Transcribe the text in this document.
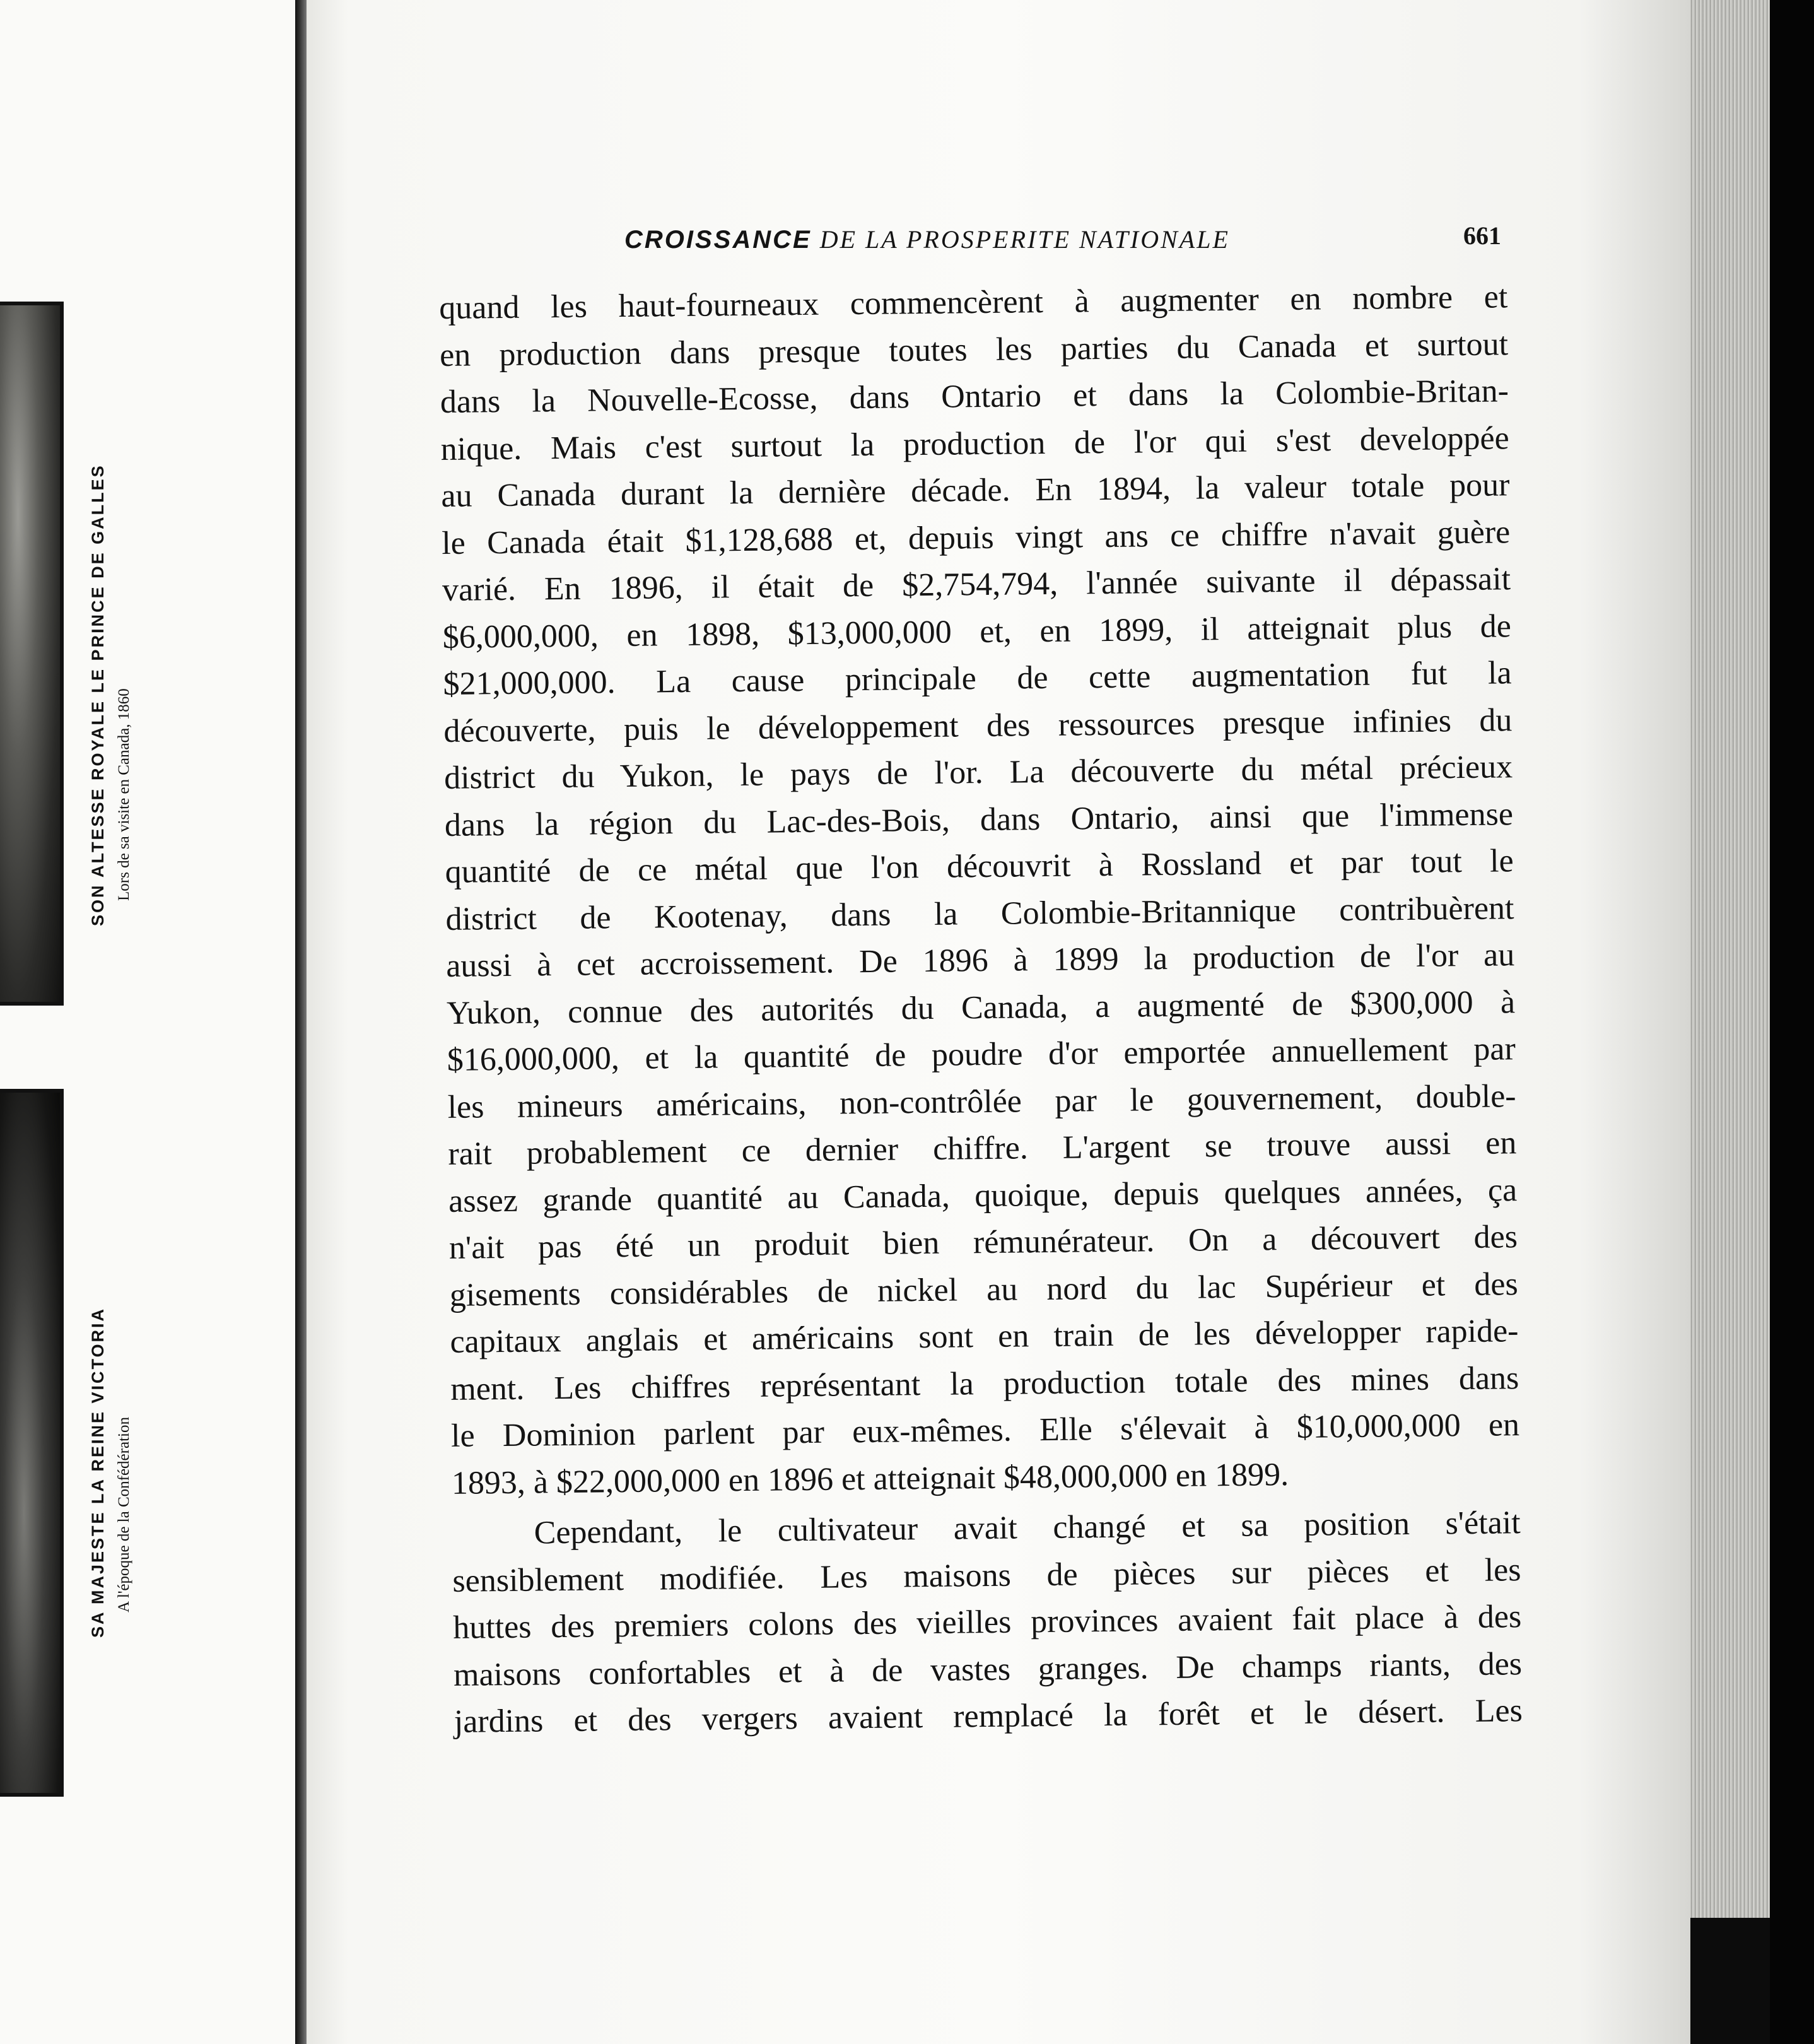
SON ALTESSE ROYALE LE PRINCE DE GALLES Lors de sa visite en Canada, 1860
SA MAJESTE LA REINE VICTORIA A l'époque de la Confédération
CROISSANCE DE LA PROSPERITE NATIONALE	661
quand les haut-fourneaux commencèrent à augmenter en nombre et
en production dans presque toutes les parties du Canada et surtout
dans la Nouvelle-Ecosse, dans Ontario et dans la Colombie-Britan-
nique. Mais c'est surtout la production de l'or qui s'est developpée
au Canada durant la dernière décade. En 1894, la valeur totale pour
le Canada était $1,128,688 et, depuis vingt ans ce chiffre n'avait guère
varié. En 1896, il était de $2,754,794, l'année suivante il dépassait
$6,000,000, en 1898, $13,000,000 et, en 1899, il atteignait plus de
$21,000,000. La cause principale de cette augmentation fut la
découverte, puis le développement des ressources presque infinies du
district du Yukon, le pays de l'or. La découverte du métal précieux
dans la région du Lac-des-Bois, dans Ontario, ainsi que l'immense
quantité de ce métal que l'on découvrit à Rossland et par tout le
district de Kootenay, dans la Colombie-Britannique contribuèrent
aussi à cet accroissement. De 1896 à 1899 la production de l'or au
Yukon, connue des autorités du Canada, a augmenté de $300,000 à
$16,000,000, et la quantité de poudre d'or emportée annuellement par
les mineurs américains, non-contrôlée par le gouvernement, double-
rait probablement ce dernier chiffre. L'argent se trouve aussi en
assez grande quantité au Canada, quoique, depuis quelques années, ça
n'ait pas été un produit bien rémunérateur. On a découvert des
gisements considérables de nickel au nord du lac Supérieur et des
capitaux anglais et américains sont en train de les développer rapide-
ment. Les chiffres représentant la production totale des mines dans
le Dominion parlent par eux-mêmes. Elle s'élevait à $10,000,000 en
1893, à $22,000,000 en 1896 et atteignait $48,000,000 en 1899.
Cependant, le cultivateur avait changé et sa position s'était
sensiblement modifiée. Les maisons de pièces sur pièces et les
huttes des premiers colons des vieilles provinces avaient fait place à des
maisons confortables et à de vastes granges. De champs riants, des
jardins et des vergers avaient remplacé la forêt et le désert. Les
